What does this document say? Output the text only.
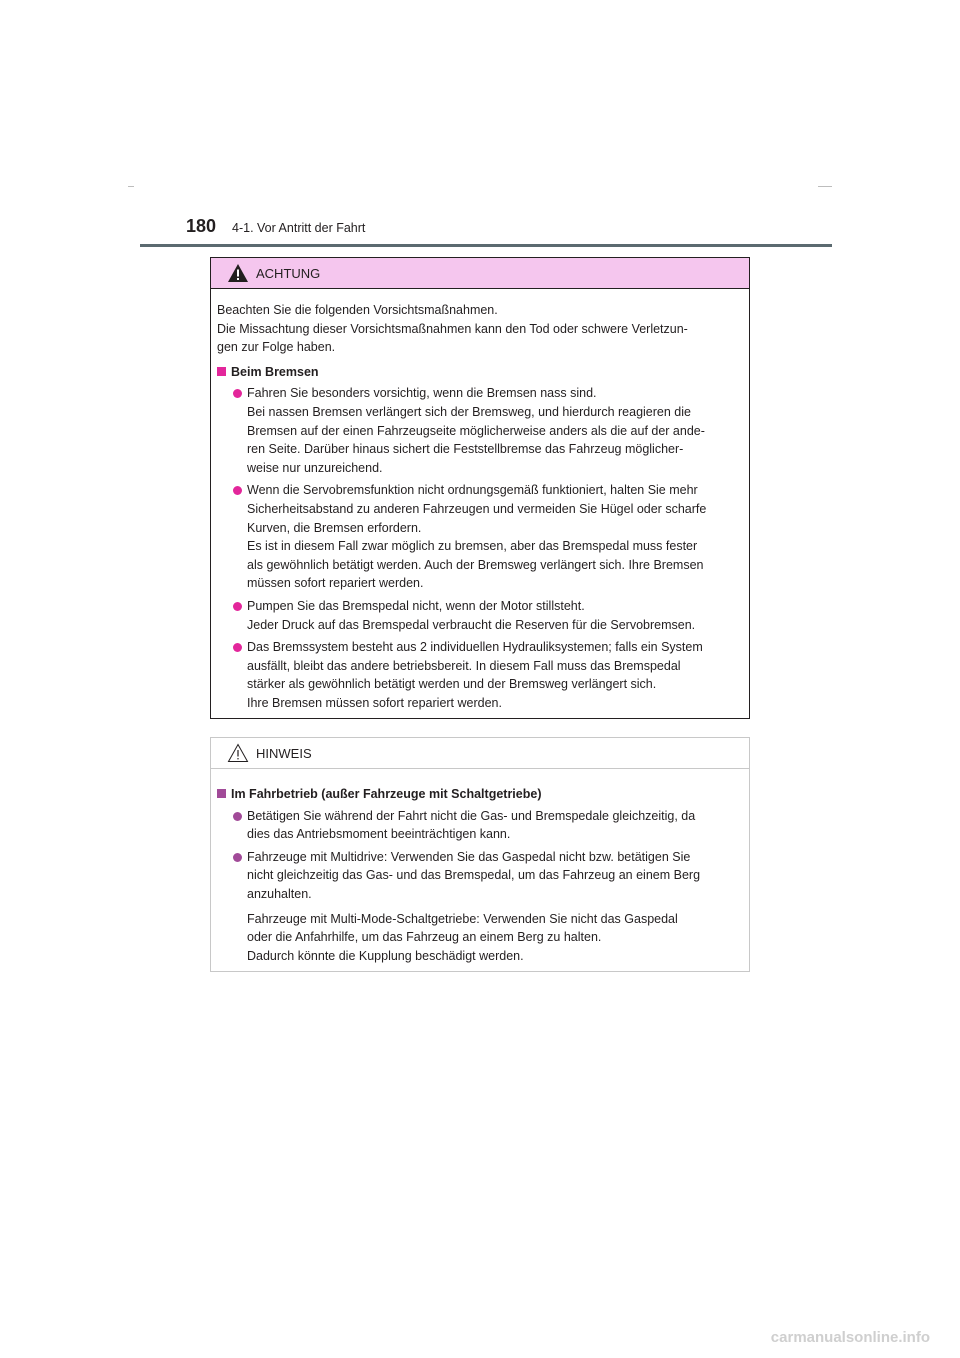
180 4-1. Vor Antritt der Fahrt
ACHTUNG

Beachten Sie die folgenden Vorsichtsmaßnahmen.
Die Missachtung dieser Vorsichtsmaßnahmen kann den Tod oder schwere Verletzun-
gen zur Folge haben.

Beim Bremsen
Fahren Sie besonders vorsichtig, wenn die Bremsen nass sind.
Bei nassen Bremsen verlängert sich der Bremsweg, und hierdurch reagieren die
Bremsen auf der einen Fahrzeugseite möglicherweise anders als die auf der ande-
ren Seite. Darüber hinaus sichert die Feststellbremse das Fahrzeug möglicher-
weise nur unzureichend.
Wenn die Servobremsfunktion nicht ordnungsgemäß funktioniert, halten Sie mehr
Sicherheitsabstand zu anderen Fahrzeugen und vermeiden Sie Hügel oder scharfe
Kurven, die Bremsen erfordern.
Es ist in diesem Fall zwar möglich zu bremsen, aber das Bremspedal muss fester
als gewöhnlich betätigt werden. Auch der Bremsweg verlängert sich. Ihre Bremsen
müssen sofort repariert werden.
Pumpen Sie das Bremspedal nicht, wenn der Motor stillsteht.
Jeder Druck auf das Bremspedal verbraucht die Reserven für die Servobremsen.
Das Bremssystem besteht aus 2 individuellen Hydrauliksystemen; falls ein System
ausfällt, bleibt das andere betriebsbereit. In diesem Fall muss das Bremspedal
stärker als gewöhnlich betätigt werden und der Bremsweg verlängert sich.
Ihre Bremsen müssen sofort repariert werden.
HINWEIS
Im Fahrbetrieb (außer Fahrzeuge mit Schaltgetriebe)
Betätigen Sie während der Fahrt nicht die Gas- und Bremspedale gleichzeitig, da
dies das Antriebsmoment beeinträchtigen kann.
Fahrzeuge mit Multidrive: Verwenden Sie das Gaspedal nicht bzw. betätigen Sie
nicht gleichzeitig das Gas- und das Bremspedal, um das Fahrzeug an einem Berg
anzuhalten.

Fahrzeuge mit Multi-Mode-Schaltgetriebe: Verwenden Sie nicht das Gaspedal
oder die Anfahrhilfe, um das Fahrzeug an einem Berg zu halten.
Dadurch könnte die Kupplung beschädigt werden.

carmanualsonline.info
